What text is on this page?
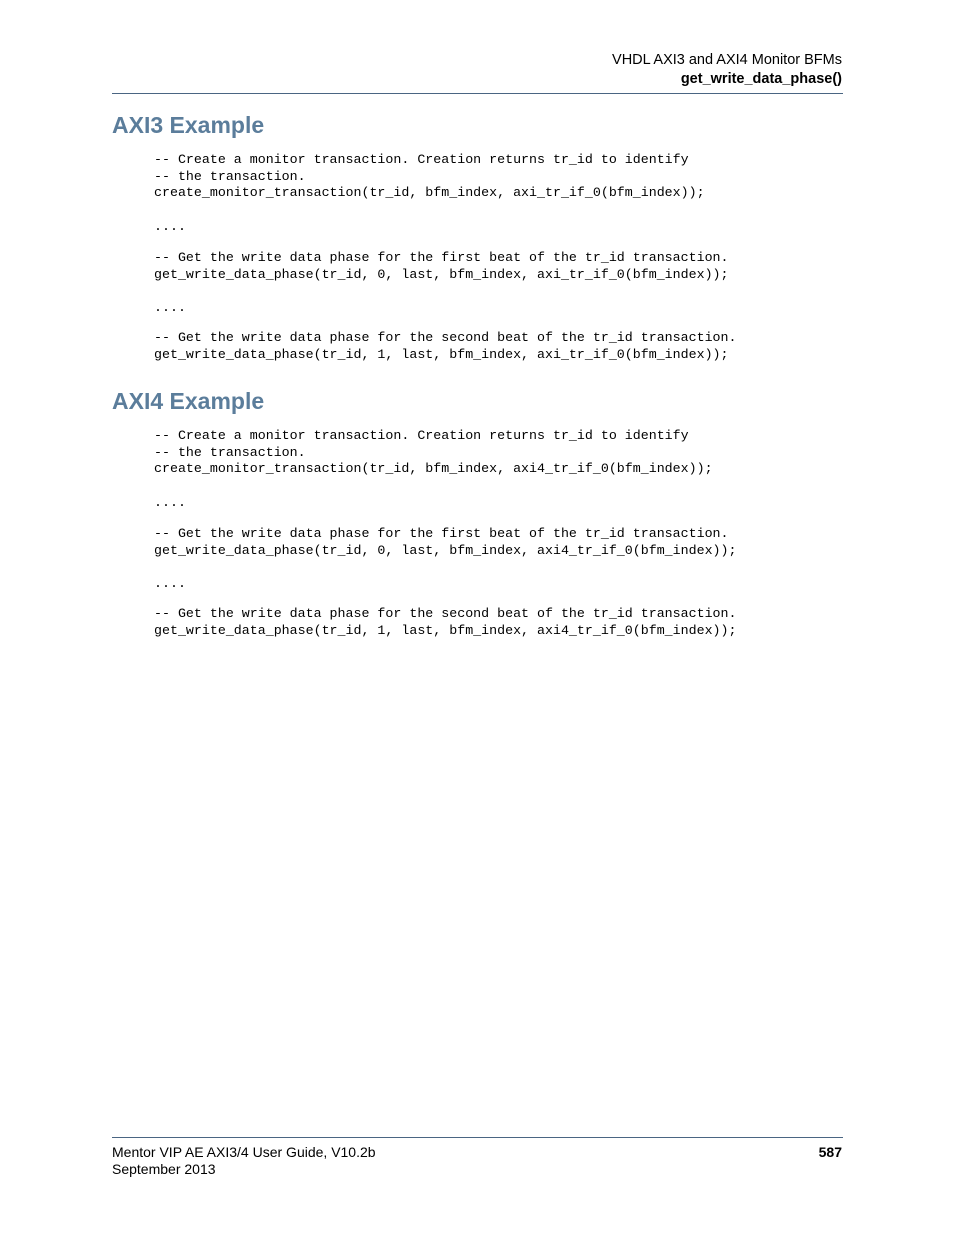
VHDL AXI3 and AXI4 Monitor BFMs
get_write_data_phase()
AXI3 Example
-- Create a monitor transaction. Creation returns tr_id to identify
-- the transaction.
create_monitor_transaction(tr_id, bfm_index, axi_tr_if_0(bfm_index));
....
-- Get the write data phase for the first beat of the tr_id transaction.
get_write_data_phase(tr_id, 0, last, bfm_index, axi_tr_if_0(bfm_index));
....
-- Get the write data phase for the second beat of the tr_id transaction.
get_write_data_phase(tr_id, 1, last, bfm_index, axi_tr_if_0(bfm_index));
AXI4 Example
-- Create a monitor transaction. Creation returns tr_id to identify
-- the transaction.
create_monitor_transaction(tr_id, bfm_index, axi4_tr_if_0(bfm_index));
....
-- Get the write data phase for the first beat of the tr_id transaction.
get_write_data_phase(tr_id, 0, last, bfm_index, axi4_tr_if_0(bfm_index));
....
-- Get the write data phase for the second beat of the tr_id transaction.
get_write_data_phase(tr_id, 1, last, bfm_index, axi4_tr_if_0(bfm_index));
Mentor VIP AE AXI3/4 User Guide, V10.2b
September 2013
587
